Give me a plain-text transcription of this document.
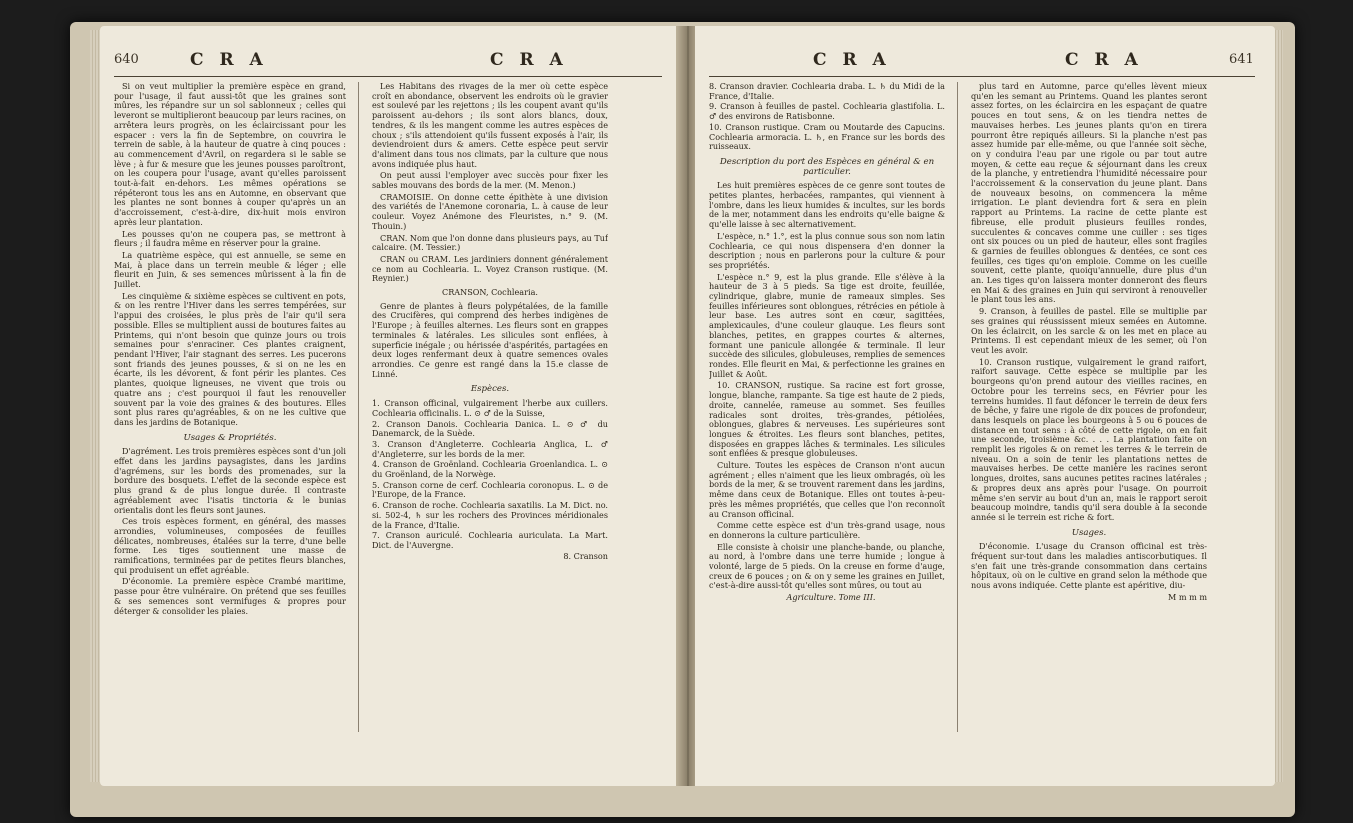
640	C R A	C R A

Si on veut multiplier la première espèce en grand, pour l'usage, il faut aussi-tôt que les graines sont mûres, les répandre sur un sol sablonneux ; celles qui leveront se multiplieront beaucoup par leurs racines, on arrêtera leurs progrès, on les éclaircissant pour les espacer : vers la fin de Septembre, on couvrira le terrein de sable, à la hauteur de quatre à cinq pouces : au commencement d'Avril, on regardera si le sable se lève ; à fur & mesure que les jeunes pousses paroîtront, on les coupera pour l'usage, avant qu'elles paroissent tout-à-fait en-dehors. Les mêmes opérations se répéteront tous les ans en Automne, en observant que les plantes ne sont bonnes à couper qu'après un an d'accroissement, c'est-à-dire, dix-huit mois environ après leur plantation.

Les pousses qu'on ne coupera pas, se mettront à fleurs ; il faudra même en réserver pour la graine.

La quatrième espèce, qui est annuelle, se seme en Mai, à place dans un terrein meuble & léger ; elle fleurit en Juin, & ses semences mûrissent à la fin de Juillet.

Les cinquième & sixième espèces se cultivent en pots, & on les rentre l'Hiver dans les serres tempérées, sur l'appui des croisées, le plus près de l'air qu'il sera possible. Elles se multiplient aussi de boutures faites au Printems, qui n'ont besoin que quinze jours ou trois semaines pour s'enraciner. Ces plantes craignent, pendant l'Hiver, l'air stagnant des serres. Les pucerons sont friands des jeunes pousses, & si on ne les en écarte, ils les dévorent, & font périr les plantes. Ces plantes, quoique ligneuses, ne vivent que trois ou quatre ans ; c'est pourquoi il faut les renouveller souvent par la voie des graines & des boutures. Elles sont plus rares qu'agréables, & on ne les cultive que dans les jardins de Botanique.

Usages & Propriétés.

D'agrément. Les trois premières espèces sont d'un joli effet dans les jardins paysagistes, dans les jardins d'agrémens, sur les bords des promenades, sur la bordure des bosquets. L'effet de la seconde espèce est plus grand & de plus longue durée. Il contraste agréablement avec l'isatis tinctoria & le bunias orientalis dont les fleurs sont jaunes.

Ces trois espèces forment, en général, des masses arrondies, volumineuses, composées de feuilles délicates, nombreuses, étalées sur la terre, d'une belle forme. Les tiges soutiennent une masse de ramifications, terminées par de petites fleurs blanches, qui produisent un effet agréable.

D'économie. La première espèce Crambé maritime, passe pour être vulnéraire. On prétend que ses feuilles & ses semences sont vermifuges & propres pour déterger & consolider les plaies.

Les Habitans des rivages de la mer où cette espèce croît en abondance, observent les endroits où le gravier est soulevé par les rejettons ; ils les coupent avant qu'ils paroissent au-dehors ; ils sont alors blancs, doux, tendres, & ils les mangent comme les autres espèces de choux ; s'ils attendoient qu'ils fussent exposés à l'air, ils deviendroient durs & amers. Cette espèce peut servir d'aliment dans tous nos climats, par la culture que nous avons indiquée plus haut.

On peut aussi l'employer avec succès pour fixer les sables mouvans des bords de la mer. (M. Menon.)

CRAMOISIE. On donne cette épithète à une division des variétés de l'Anemone coronaria, L. à cause de leur couleur. Voyez Anémone des Fleuristes, n.° 9. (M. Thouin.)

CRAN. Nom que l'on donne dans plusieurs pays, au Tuf calcaire. (M. Tessier.)

CRAN ou CRAM. Les jardiniers donnent généralement ce nom au Cochlearia. L. Voyez Cranson rustique. (M. Reynier.)

CRANSON, Cochlearia.

Genre de plantes à fleurs polypétalées, de la famille des Crucifères, qui comprend des herbes indigènes de l'Europe ; à feuilles alternes. Les fleurs sont en grappes terminales & latérales. Les silicules sont enflées, à superficie inégale ; ou hérissée d'aspérités, partagées en deux loges renfermant deux à quatre semences ovales arrondies. Ce genre est rangé dans la 15.e classe de Linné.

Espèces.

1. Cranson officinal, vulgairement l'herbe aux cuillers. Cochlearia officinalis. L. ⊙ ♂ de la Suisse,

2. Cranson Danois. Cochlearia Danica. L. ⊙ ♂ du Danemarck, de la Suède.

3. Cranson d'Angleterre. Cochlearia Anglica, L. ♂ d'Angleterre, sur les bords de la mer.

4. Cranson de Groënland. Cochlearia Groenlandica. L. ⊙ du Groënland, de la Norwège.

5. Cranson corne de cerf. Cochlearia coronopus. L. ⊙ de l'Europe, de la France.

6. Cranson de roche. Cochlearia saxatilis. La M. Dict. no. si. 502-4, ♄ sur les rochers des Provinces méridionales de la France, d'Italie.

7. Cranson auriculé. Cochlearia auriculata. La Mart. Dict. de l'Auvergne.

8. Cranson

C R A	C R A	641

8. Cranson dravier. Cochlearia draba. L. ♄ du Midi de la France, d'Italie.

9. Cranson à feuilles de pastel. Cochlearia glastifolia. L. ♂ des environs de Ratisbonne.

10. Cranson rustique. Cram ou Moutarde des Capucins. Cochlearia armoracia. L. ♄, en France sur les bords des ruisseaux.

Description du port des Espèces en général & en particulier.

Les huit premières espèces de ce genre sont toutes de petites plantes, herbacées, rampantes, qui viennent à l'ombre, dans les lieux humides & incultes, sur les bords de la mer, notamment dans les endroits qu'elle baigne & qu'elle laisse à sec alternativement.

L'espèce, n.° 1.°, est la plus connue sous son nom latin Cochlearia, ce qui nous dispensera d'en donner la description ; nous en parlerons pour la culture & pour ses propriétés.

L'espèce n.° 9, est la plus grande. Elle s'élève à la hauteur de 3 à 5 pieds. Sa tige est droite, feuillée, cylindrique, glabre, munie de rameaux simples. Ses feuilles inférieures sont oblongues, rétrécies en pétiole à leur base. Les autres sont en cœur, sagittées, amplexicaules, d'une couleur glauque. Les fleurs sont blanches, petites, en grappes courtes & alternes, formant une panicule allongée & terminale. Il leur succède des silicules, globuleuses, remplies de semences rondes. Elle fleurit en Mai, & perfectionne les graines en Juillet & Août.

10. CRANSON, rustique. Sa racine est fort grosse, longue, blanche, rampante. Sa tige est haute de 2 pieds, droite, cannelée, rameuse au sommet. Ses feuilles radicales sont droites, très-grandes, pétiolées, oblongues, glabres & nerveuses. Les supérieures sont longues & étroites. Les fleurs sont blanches, petites, disposées en grappes lâches & terminales. Les silicules sont enflées & presque globuleuses.

Culture. Toutes les espèces de Cranson n'ont aucun agrément ; elles n'aiment que les lieux ombragés, où les bords de la mer, & se trouvent rarement dans les jardins, même dans ceux de Botanique. Elles ont toutes à-peu-près les mêmes propriétés, que celles que l'on reconnoît au Cranson officinal.

Comme cette espèce est d'un très-grand usage, nous en donnerons la culture particulière.

Elle consiste à choisir une planche-bande, ou planche, au nord, à l'ombre dans une terre humide ; longue à volonté, large de 5 pieds. On la creuse en forme d'auge, creux de 6 pouces ; on & on y seme les graines en Juillet, c'est-à-dire aussi-tôt qu'elles sont mûres, ou tout au

Agriculture. Tome III.

plus tard en Automne, parce qu'elles lèvent mieux qu'en les semant au Printems. Quand les plantes seront assez fortes, on les éclaircira en les espaçant de quatre pouces en tout sens, & on les tiendra nettes de mauvaises herbes. Les jeunes plants qu'on en tirera pourront être repiqués ailleurs. Si la planche n'est pas assez humide par elle-même, ou que l'année soit sèche, on y conduira l'eau par une rigole ou par tout autre moyen, & cette eau reçue & séjournant dans les creux de la planche, y entretiendra l'humidité nécessaire pour l'accroissement & la conservation du jeune plant. Dans de nouveaux besoins, on commencera la même irrigation. Le plant deviendra fort & sera en plein rapport au Printems. La racine de cette plante est fibreuse, elle produit plusieurs feuilles rondes, succulentes & concaves comme une cuiller : ses tiges ont six pouces ou un pied de hauteur, elles sont fragiles & garnies de feuilles oblongues & dentées, ce sont ces feuilles, ces tiges qu'on emploie. Comme on les cueille souvent, cette plante, quoiqu'annuelle, dure plus d'un an. Les tiges qu'on laissera monter donneront des fleurs en Mai & des graines en Juin qui serviront à renouveller le plant tous les ans.

9. Cranson, à feuilles de pastel. Elle se multiplie par ses graines qui réussissent mieux semées en Automne. On les éclaircit, on les sarcle & on les met en place au Printems. Il est cependant mieux de les semer, où l'on veut les avoir.

10. Cranson rustique, vulgairement le grand raifort, raifort sauvage. Cette espèce se multiplie par les bourgeons qu'on prend autour des vieilles racines, en Octobre pour les terreins secs, en Février pour les terreins humides. Il faut défoncer le terrein de deux fers de bêche, y faire une rigole de dix pouces de profondeur, dans lesquels on place les bourgeons à 5 ou 6 pouces de distance en tout sens : à côté de cette rigole, on en fait une seconde, troisième &c. . . . La plantation faite on remplit les rigoles & on remet les terres & le terrein de niveau. On a soin de tenir les plantations nettes de mauvaises herbes. De cette manière les racines seront longues, droites, sans aucunes petites racines latérales ; & propres deux ans après pour l'usage. On pourroit même s'en servir au bout d'un an, mais le rapport seroit beaucoup moindre, tandis qu'il sera double à la seconde année si le terrein est riche & fort.

Usages.

D'économie. L'usage du Cranson officinal est très-fréquent sur-tout dans les maladies antiscorbutiques. Il s'en fait une très-grande consommation dans certains hôpitaux, où on le cultive en grand selon la méthode que nous avons indiquée. Cette plante est apéritive, diu-

M m m m
